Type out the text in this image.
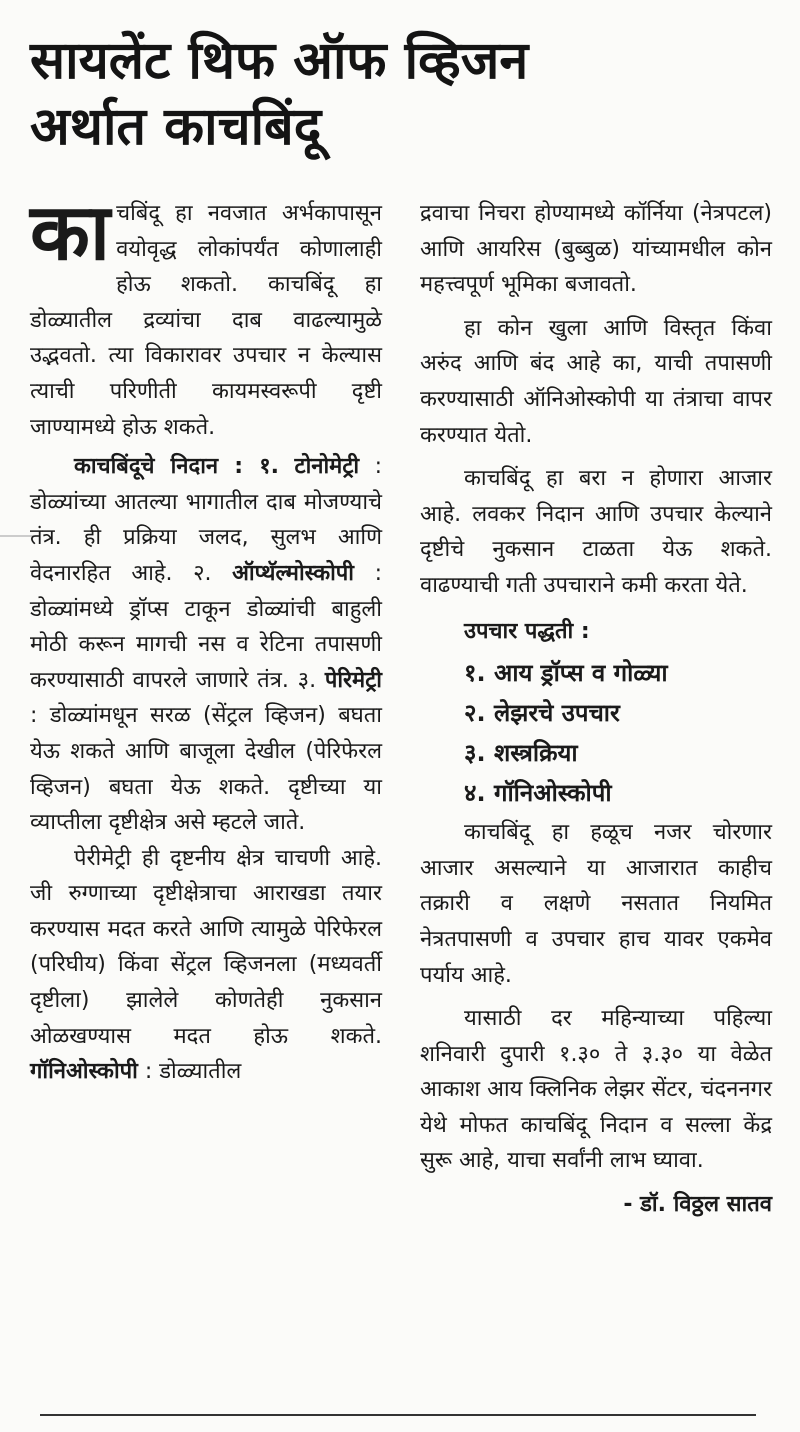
सायलेंट थिफ ऑफ व्हिजन
अर्थात काचबिंदू

काचबिंदू हा नवजात अर्भकापासून वयोवृद्ध लोकांपर्यंत कोणालाही होऊ शकतो. काचबिंदू हा डोळ्यातील द्रव्यांचा दाब वाढल्यामुळे उद्भवतो. त्या विकारावर उपचार न केल्यास त्याची परिणीती कायमस्वरूपी दृष्टी जाण्यामध्ये होऊ शकते.

काचबिंदूचे निदान : १. टोनोमेट्री : डोळ्यांच्या आतल्या भागातील दाब मोजण्याचे तंत्र. ही प्रक्रिया जलद, सुलभ आणि वेदनारहित आहे. २. ऑप्थॅल्मोस्कोपी : डोळ्यांमध्ये ड्रॉप्स टाकून डोळ्यांची बाहुली मोठी करून मागची नस व रेटिना तपासणी करण्यासाठी वापरले जाणारे तंत्र. ३. पेरिमेट्री : डोळ्यांमधून सरळ (सेंट्रल व्हिजन) बघता येऊ शकते आणि बाजूला देखील (पेरिफेरल व्हिजन) बघता येऊ शकते. दृष्टीच्या या व्याप्तीला दृष्टीक्षेत्र असे म्हटले जाते.

पेरीमेट्री ही दृष्टनीय क्षेत्र चाचणी आहे. जी रुग्णाच्या दृष्टीक्षेत्राचा आराखडा तयार करण्यास मदत करते आणि त्यामुळे पेरिफेरल (परिघीय) किंवा सेंट्रल व्हिजनला (मध्यवर्ती दृष्टीला) झालेले कोणतेही नुकसान ओळखण्यास मदत होऊ शकते. गॉनिओस्कोपी : डोळ्यातील

द्रवाचा निचरा होण्यामध्ये कॉर्निया (नेत्रपटल) आणि आयरिस (बुब्बुळ) यांच्यामधील कोन महत्त्वपूर्ण भूमिका बजावतो.

हा कोन खुला आणि विस्तृत किंवा अरुंद आणि बंद आहे का, याची तपासणी करण्यासाठी ऑनिओस्कोपी या तंत्राचा वापर करण्यात येतो.

काचबिंदू हा बरा न होणारा आजार आहे. लवकर निदान आणि उपचार केल्याने दृष्टीचे नुकसान टाळता येऊ शकते. वाढण्याची गती उपचाराने कमी करता येते.

उपचार पद्धती :
१. आय ड्रॉप्स व गोळ्या
२. लेझरचे उपचार
३. शस्त्रक्रिया
४. गॉनिओस्कोपी

काचबिंदू हा हळूच नजर चोरणार आजार असल्याने या आजारात काहीच तक्रारी व लक्षणे नसतात नियमित नेत्रतपासणी व उपचार हाच यावर एकमेव पर्याय आहे.

यासाठी दर महिन्याच्या पहिल्या शनिवारी दुपारी १.३० ते ३.३० या वेळेत आकाश आय क्लिनिक लेझर सेंटर, चंदननगर येथे मोफत काचबिंदू निदान व सल्ला केंद्र सुरू आहे, याचा सर्वांनी लाभ घ्यावा.

- डॉ. विठ्ठल सातव
